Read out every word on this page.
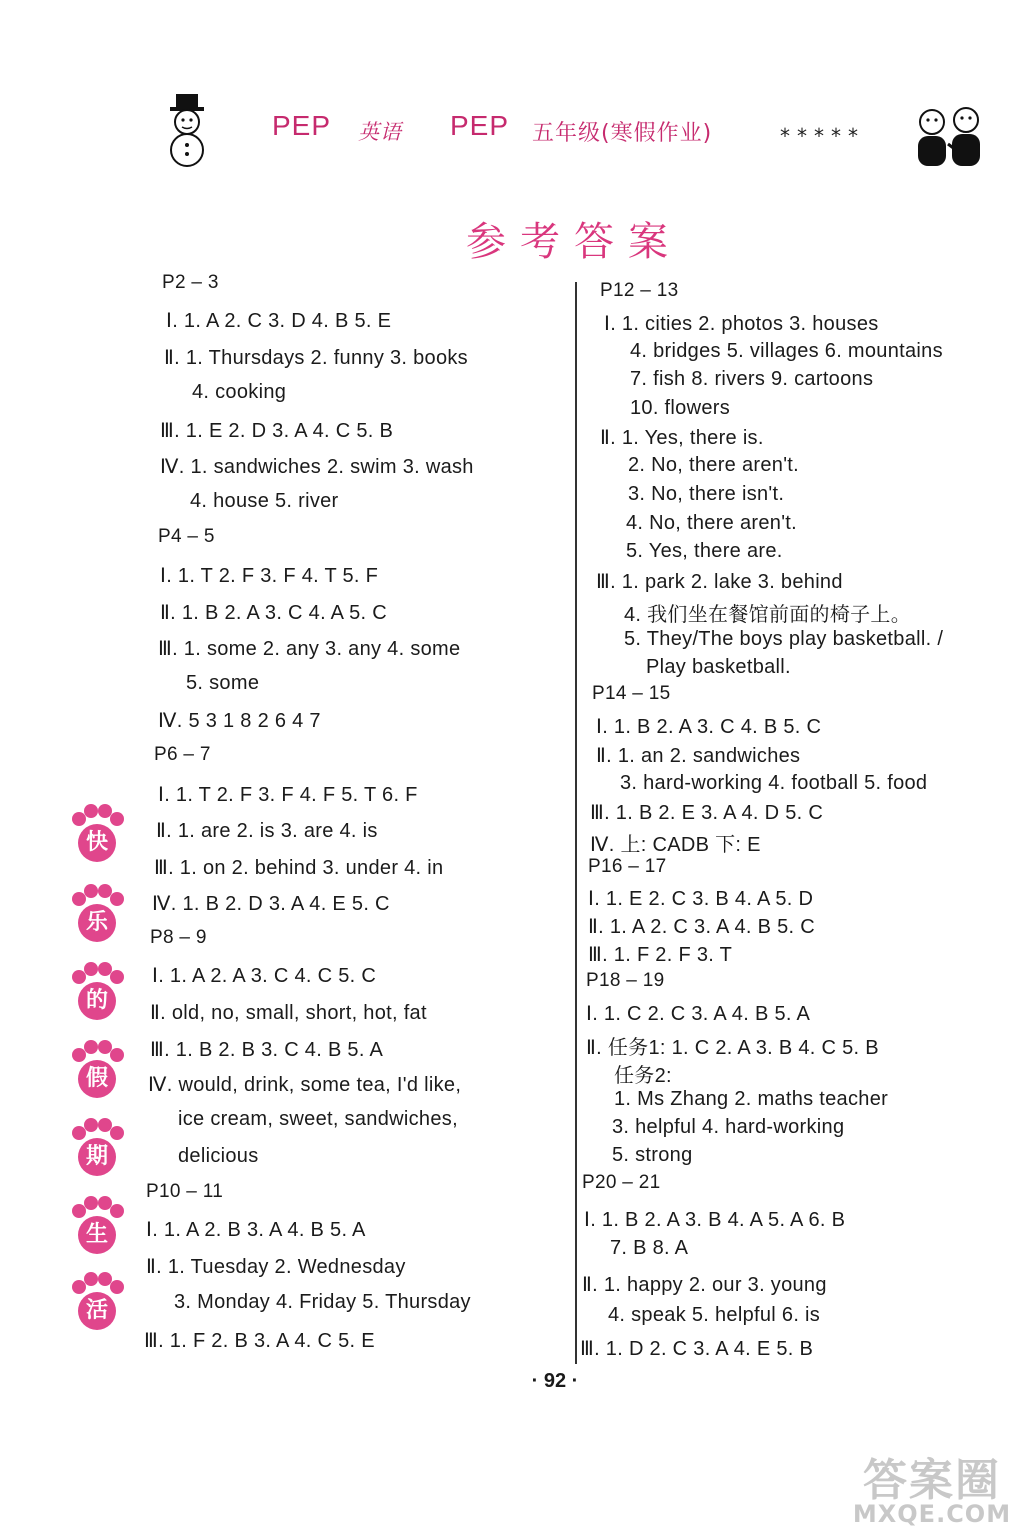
PEP 英语 PEP 五年级(寒假作业)	*****
参考答案
P2 – 3
Ⅰ. 1. A 2. C 3. D 4. B 5. E
Ⅱ. 1. Thursdays 2. funny 3. books
4. cooking
Ⅲ. 1. E 2. D 3. A 4. C 5. B
Ⅳ. 1. sandwiches 2. swim 3. wash
4. house 5. river
P4 – 5
Ⅰ. 1. T 2. F 3. F 4. T 5. F
Ⅱ. 1. B 2. A 3. C 4. A 5. C
Ⅲ. 1. some 2. any 3. any 4. some
5. some
Ⅳ. 5 3 1 8 2 6 4 7
P6 – 7
Ⅰ. 1. T 2. F 3. F 4. F 5. T 6. F
Ⅱ. 1. are 2. is 3. are 4. is
Ⅲ. 1. on 2. behind 3. under 4. in
Ⅳ. 1. B 2. D 3. A 4. E 5. C
P8 – 9
Ⅰ. 1. A 2. A 3. C 4. C 5. C
Ⅱ. old, no, small, short, hot, fat
Ⅲ. 1. B 2. B 3. C 4. B 5. A
Ⅳ. would, drink, some tea, I'd like,
ice cream, sweet, sandwiches,
delicious
P10 – 11
Ⅰ. 1. A 2. B 3. A 4. B 5. A
Ⅱ. 1. Tuesday 2. Wednesday
3. Monday 4. Friday 5. Thursday
Ⅲ. 1. F 2. B 3. A 4. C 5. E
P12 – 13
Ⅰ. 1. cities 2. photos 3. houses
4. bridges 5. villages 6. mountains
7. fish 8. rivers 9. cartoons
10. flowers
Ⅱ. 1. Yes, there is.
2. No, there aren't.
3. No, there isn't.
4. No, there aren't.
5. Yes, there are.
Ⅲ. 1. park 2. lake 3. behind
4. 我们坐在餐馆前面的椅子上。
5. They/The boys play basketball. /
Play basketball.
P14 – 15
Ⅰ. 1. B 2. A 3. C 4. B 5. C
Ⅱ. 1. an 2. sandwiches
3. hard-working 4. football 5. food
Ⅲ. 1. B 2. E 3. A 4. D 5. C
Ⅳ. 上: CADB 下: E
P16 – 17
Ⅰ. 1. E 2. C 3. B 4. A 5. D
Ⅱ. 1. A 2. C 3. A 4. B 5. C
Ⅲ. 1. F 2. F 3. T
P18 – 19
Ⅰ. 1. C 2. C 3. A 4. B 5. A
Ⅱ. 任务1: 1. C 2. A 3. B 4. C 5. B
任务2:
1. Ms Zhang 2. maths teacher
3. helpful 4. hard-working
5. strong
P20 – 21
Ⅰ. 1. B 2. A 3. B 4. A 5. A 6. B
7. B 8. A
Ⅱ. 1. happy 2. our 3. young
4. speak 5. helpful 6. is
Ⅲ. 1. D 2. C 3. A 4. E 5. B
· 92 ·
快
乐
的
假
期
生
活
答案圈
MXQE.COM
